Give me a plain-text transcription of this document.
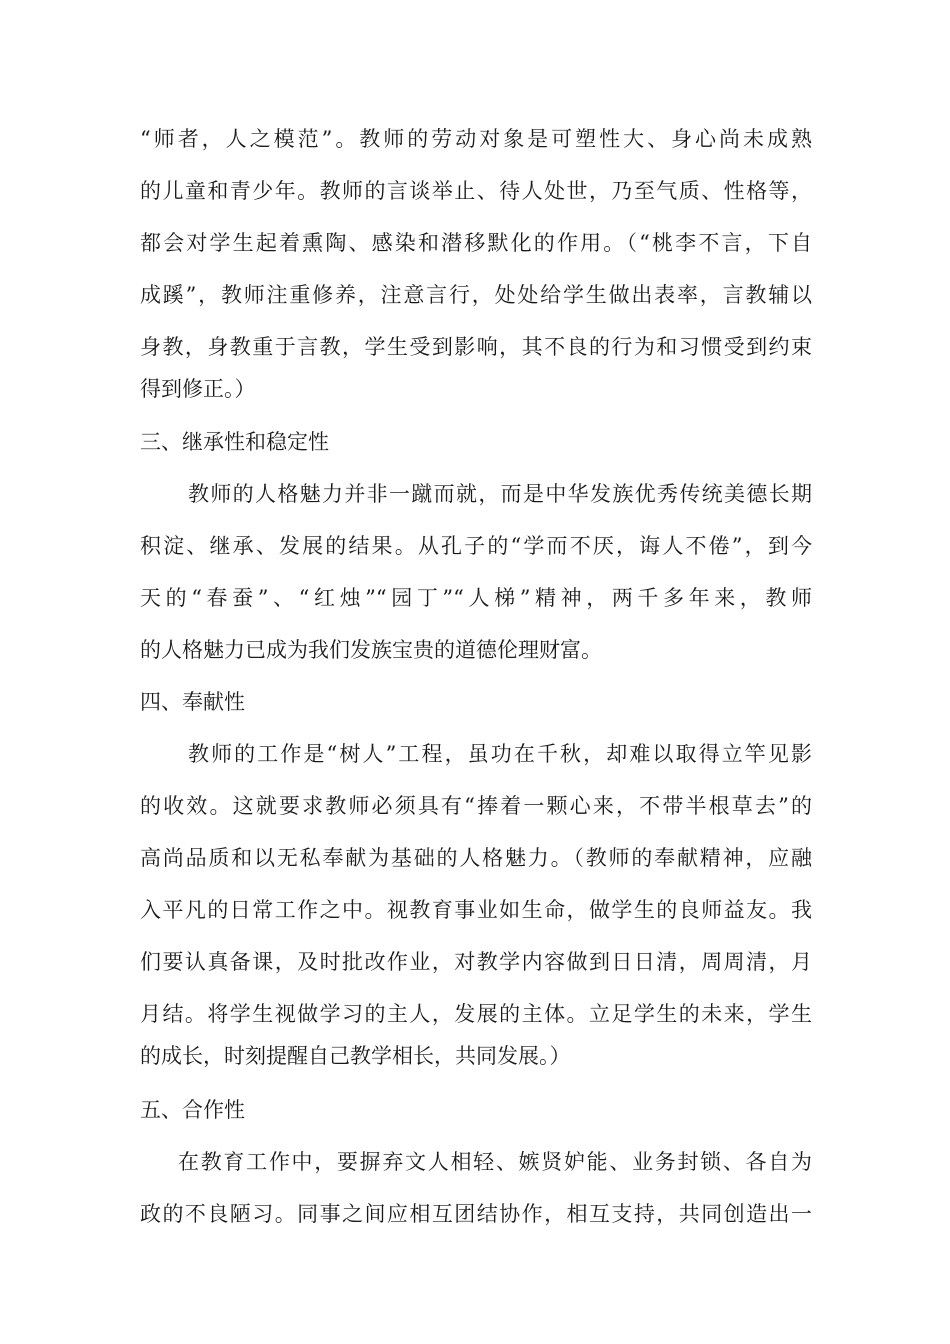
“师者，人之模范”。教师的劳动对象是可塑性大、身心尚未成熟
的儿童和青少年。教师的言谈举止、待人处世，乃至气质、性格等，
都会对学生起着熏陶、感染和潜移默化的作用。（“桃李不言，下自
成蹊”，教师注重修养，注意言行，处处给学生做出表率，言教辅以
身教，身教重于言教，学生受到影响，其不良的行为和习惯受到约束
得到修正。）
三、继承性和稳定性
教师的人格魅力并非一蹴而就，而是中华发族优秀传统美德长期
积淀、继承、发展的结果。从孔子的“学而不厌，诲人不倦”，到今
天的“春蚕”、“红烛”“园丁”“人梯”精神，两千多年来，教师
的人格魅力已成为我们发族宝贵的道德伦理财富。
四、奉献性
教师的工作是“树人”工程，虽功在千秋，却难以取得立竿见影
的收效。这就要求教师必须具有“捧着一颗心来，不带半根草去”的
高尚品质和以无私奉献为基础的人格魅力。（教师的奉献精神，应融
入平凡的日常工作之中。视教育事业如生命，做学生的良师益友。我
们要认真备课，及时批改作业，对教学内容做到日日清，周周清，月
月结。将学生视做学习的主人，发展的主体。立足学生的未来，学生
的成长，时刻提醒自己教学相长，共同发展。）
五、合作性
在教育工作中，要摒弃文人相轻、嫉贤妒能、业务封锁、各自为
政的不良陋习。同事之间应相互团结协作，相互支持，共同创造出一
